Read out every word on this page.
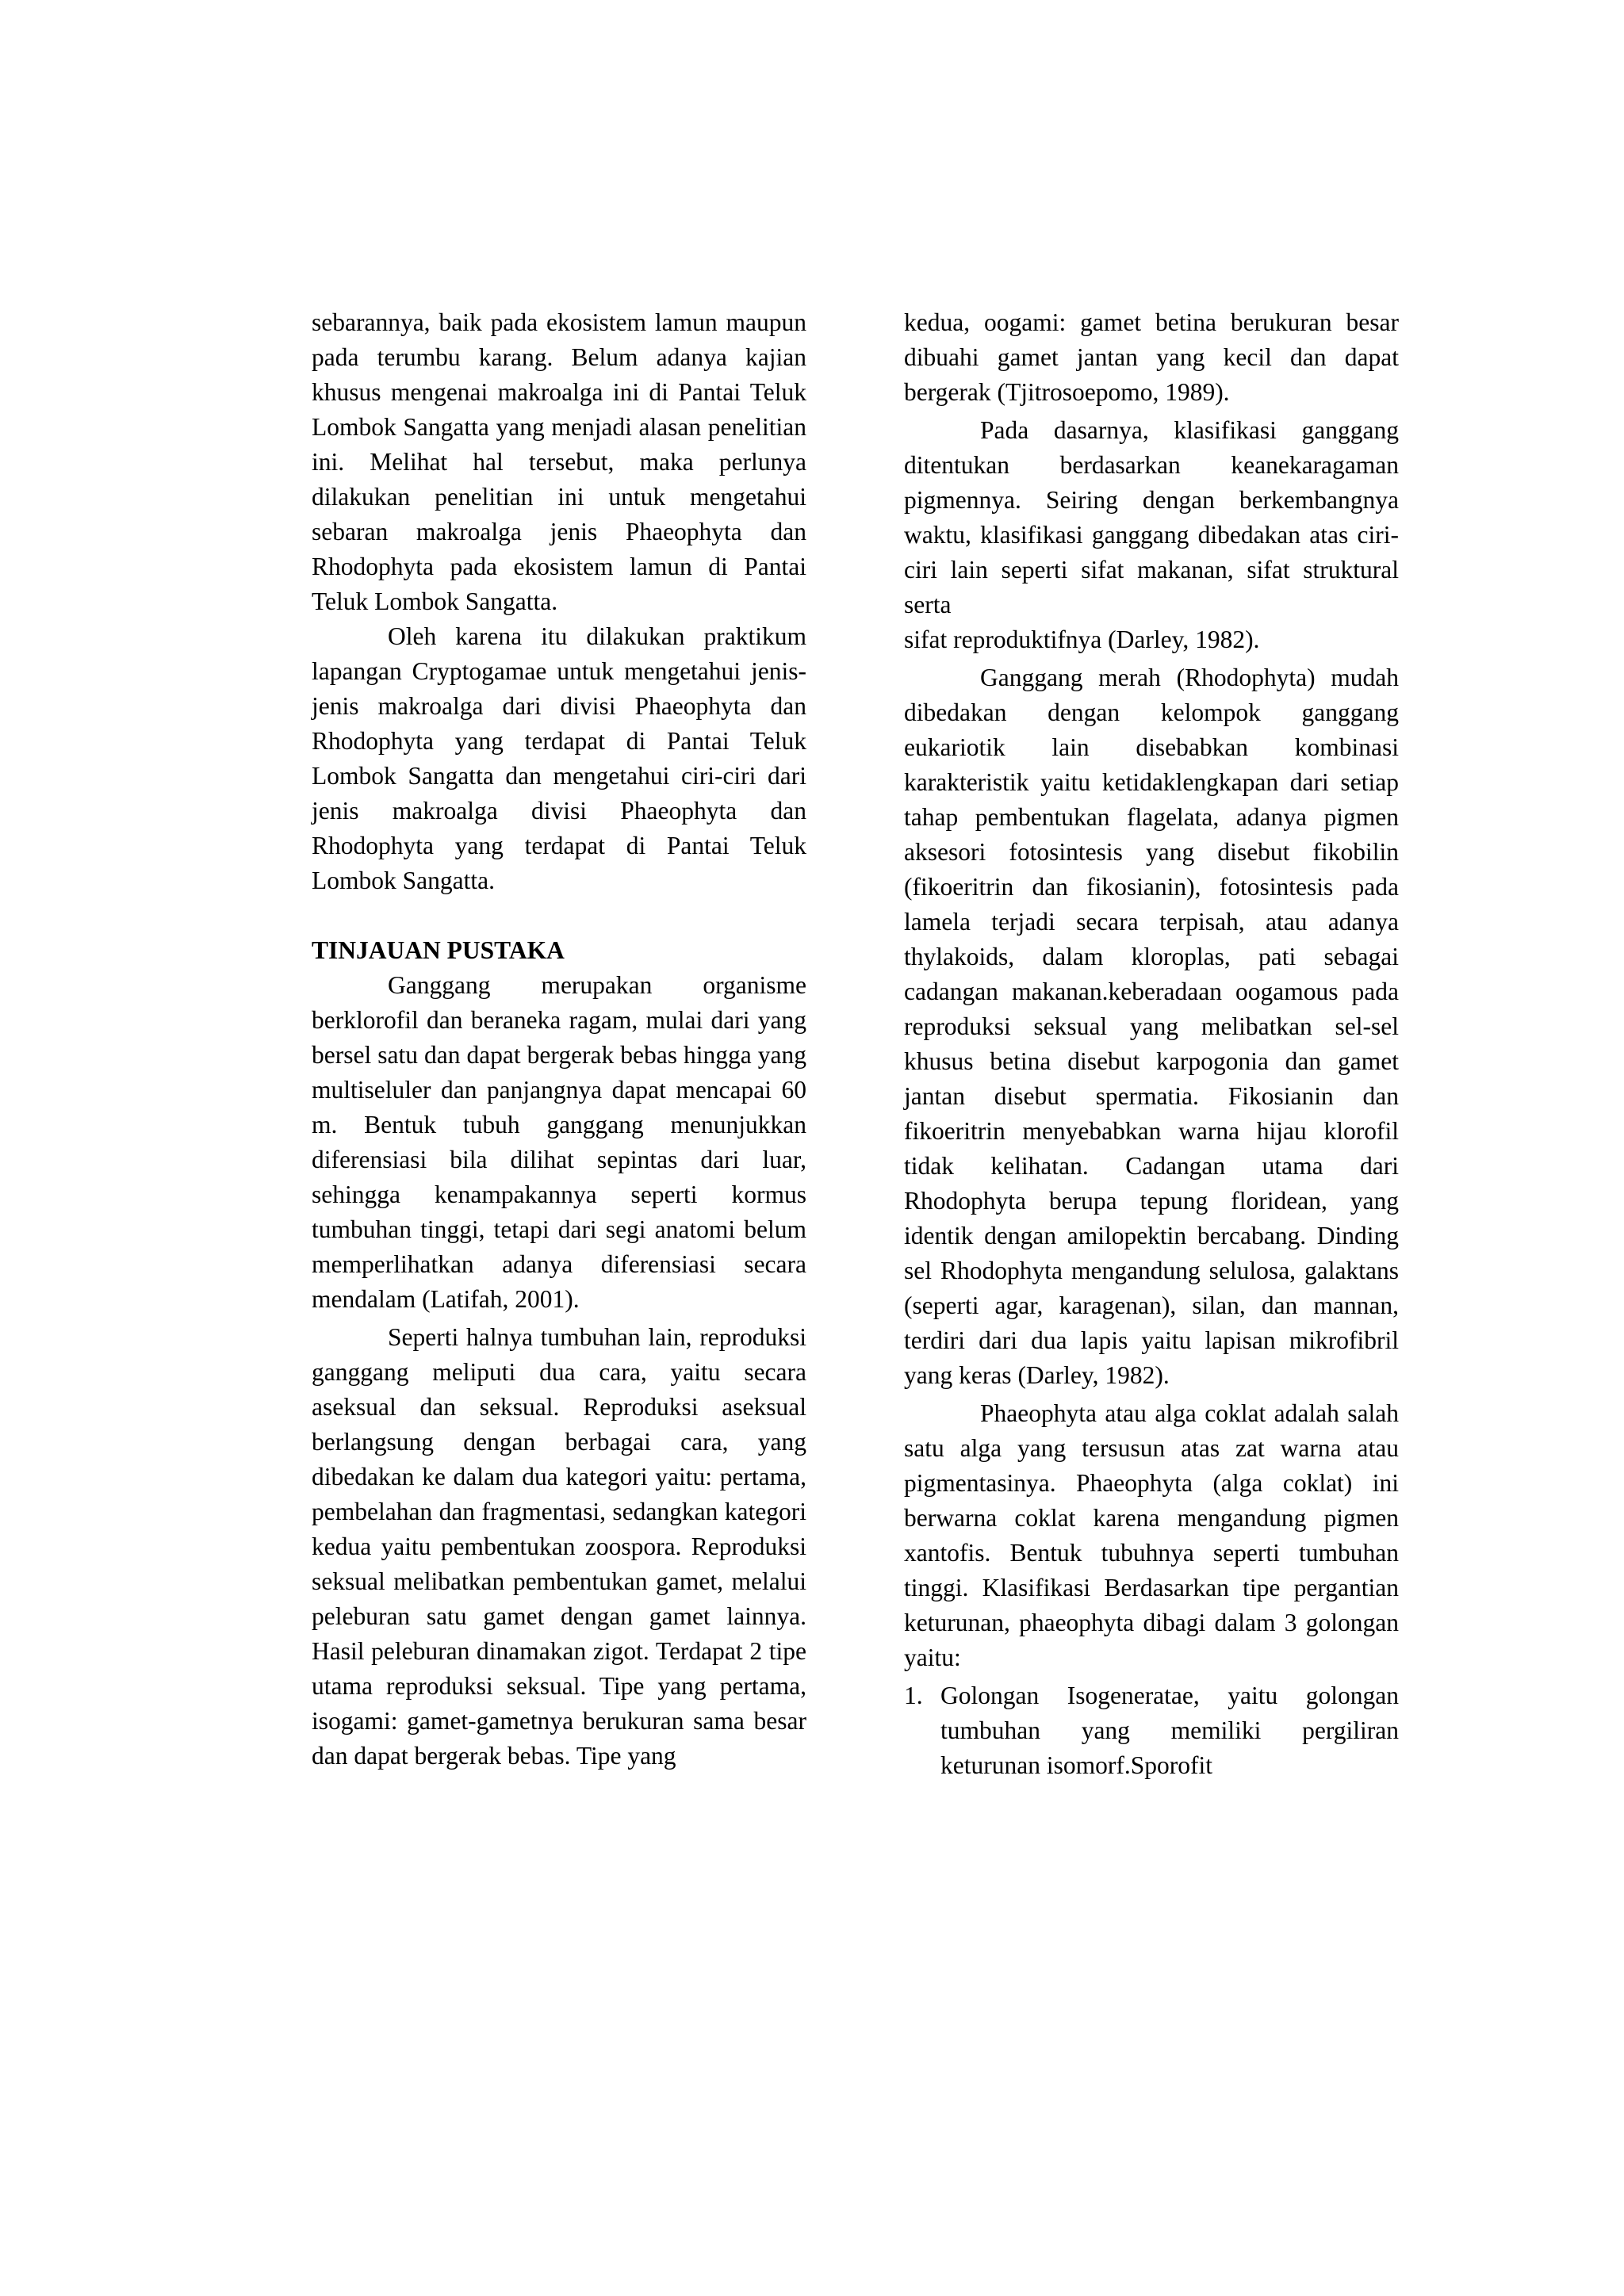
sebarannya, baik pada ekosistem lamun maupun pada terumbu karang. Belum adanya kajian khusus mengenai makroalga ini di Pantai Teluk Lombok Sangatta yang menjadi alasan penelitian ini. Melihat hal tersebut, maka perlunya dilakukan penelitian ini untuk mengetahui sebaran makroalga jenis Phaeophyta dan Rhodophyta pada ekosistem lamun di Pantai Teluk Lombok Sangatta.

Oleh karena itu dilakukan praktikum lapangan Cryptogamae untuk mengetahui jenis-jenis makroalga dari divisi Phaeophyta dan Rhodophyta yang terdapat di Pantai Teluk Lombok Sangatta dan mengetahui ciri-ciri dari jenis makroalga divisi Phaeophyta dan Rhodophyta yang terdapat di Pantai Teluk Lombok Sangatta.

TINJAUAN PUSTAKA

Ganggang merupakan organisme berklorofil dan beraneka ragam, mulai dari yang bersel satu dan dapat bergerak bebas hingga yang multiseluler dan panjangnya dapat mencapai 60 m. Bentuk tubuh ganggang menunjukkan diferensiasi bila dilihat sepintas dari luar, sehingga kenampakannya seperti kormus tumbuhan tinggi, tetapi dari segi anatomi belum memperlihatkan adanya diferensiasi secara mendalam (Latifah, 2001).

Seperti halnya tumbuhan lain, reproduksi ganggang meliputi dua cara, yaitu secara aseksual dan seksual. Reproduksi aseksual berlangsung dengan berbagai cara, yang dibedakan ke dalam dua kategori yaitu: pertama, pembelahan dan fragmentasi, sedangkan kategori kedua yaitu pembentukan zoospora. Reproduksi seksual melibatkan pembentukan gamet, melalui peleburan satu gamet dengan gamet lainnya. Hasil peleburan dinamakan zigot. Terdapat 2 tipe utama reproduksi seksual. Tipe yang pertama, isogami: gamet-gametnya berukuran sama besar dan dapat bergerak bebas. Tipe yang

kedua, oogami: gamet betina berukuran besar dibuahi gamet jantan yang kecil dan dapat bergerak (Tjitrosoepomo, 1989).

Pada dasarnya, klasifikasi ganggang ditentukan berdasarkan keanekaragaman pigmennya. Seiring dengan berkembangnya waktu, klasifikasi ganggang dibedakan atas ciri-ciri lain seperti sifat makanan, sifat struktural serta

sifat reproduktifnya (Darley, 1982).

Ganggang merah (Rhodophyta) mudah dibedakan dengan kelompok ganggang eukariotik lain disebabkan kombinasi karakteristik yaitu ketidaklengkapan dari setiap tahap pembentukan flagelata, adanya pigmen aksesori fotosintesis yang disebut fikobilin (fikoeritrin dan fikosianin), fotosintesis pada lamela terjadi secara terpisah, atau adanya thylakoids, dalam kloroplas, pati sebagai cadangan makanan.keberadaan oogamous pada reproduksi seksual yang melibatkan sel-sel khusus betina disebut karpogonia dan gamet jantan disebut spermatia. Fikosianin dan fikoeritrin menyebabkan warna hijau klorofil tidak kelihatan. Cadangan utama dari Rhodophyta berupa tepung floridean, yang identik dengan amilopektin bercabang. Dinding sel Rhodophyta mengandung selulosa, galaktans (seperti agar, karagenan), silan, dan mannan, terdiri dari dua lapis yaitu lapisan mikrofibril yang keras (Darley, 1982).

Phaeophyta atau alga coklat adalah salah satu alga yang tersusun atas zat warna atau pigmentasinya. Phaeophyta (alga coklat) ini berwarna coklat karena mengandung pigmen xantofis. Bentuk tubuhnya seperti tumbuhan tinggi. Klasifikasi Berdasarkan tipe pergantian keturunan, phaeophyta dibagi dalam 3 golongan yaitu:

1. Golongan Isogeneratae, yaitu golongan tumbuhan yang memiliki pergiliran keturunan isomorf.Sporofit
